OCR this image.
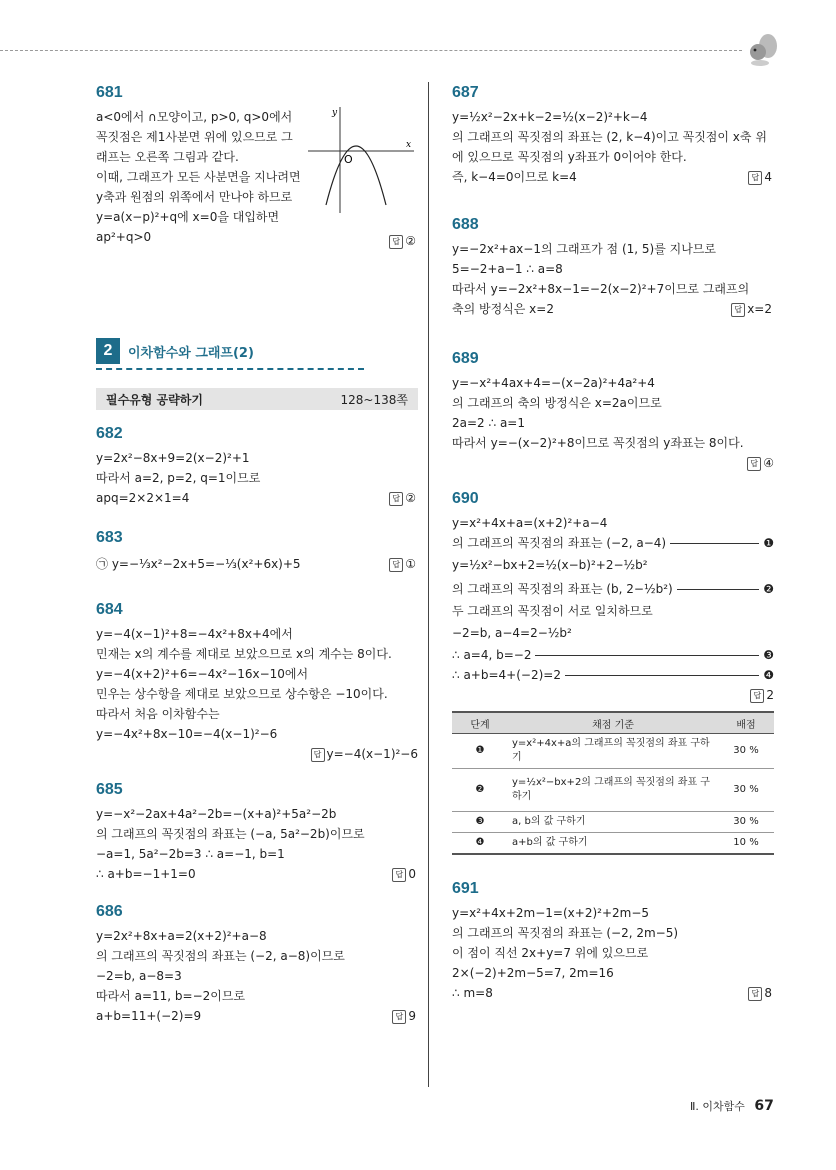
681
a<0에서 ∩모양이고, p>0, q>0에서
꼭짓점은 제1사분면 위에 있으므로 그
래프는 오른쪽 그림과 같다.
이때, 그래프가 모든 사분면을 지나려면
y축과 원점의 위쪽에서 만나야 하므로
y=a(x−p)²+q에 x=0을 대입하면
ap²+q>0
O
x
y
답 ②
2	이차함수와 그래프(2)
필수유형 공략하기	128~138쪽
682
y=2x²−8x+9=2(x−2)²+1
따라서 a=2, p=2, q=1이므로
apq=2×2×1=4	답 ②
683
㉠ y=−⅓x²−2x+5=−⅓(x²+6x)+5	답 ①
684
y=−4(x−1)²+8=−4x²+8x+4에서
민재는 x의 계수를 제대로 보았으므로 x의 계수는 8이다.
y=−4(x+2)²+6=−4x²−16x−10에서
민우는 상수항을 제대로 보았으므로 상수항은 −10이다.
따라서 처음 이차함수는
y=−4x²+8x−10=−4(x−1)²−6
답 y=−4(x−1)²−6
685
y=−x²−2ax+4a²−2b=−(x+a)²+5a²−2b
의 그래프의 꼭짓점의 좌표는 (−a, 5a²−2b)이므로
−a=1, 5a²−2b=3 ∴ a=−1, b=1
∴ a+b=−1+1=0	답 0
686
y=2x²+8x+a=2(x+2)²+a−8
의 그래프의 꼭짓점의 좌표는 (−2, a−8)이므로
−2=b, a−8=3
따라서 a=11, b=−2이므로
a+b=11+(−2)=9	답 9
687
y=½x²−2x+k−2=½(x−2)²+k−4
의 그래프의 꼭짓점의 좌표는 (2, k−4)이고 꼭짓점이 x축 위
에 있으므로 꼭짓점의 y좌표가 0이어야 한다.
즉, k−4=0이므로 k=4	답 4
688
y=−2x²+ax−1의 그래프가 점 (1, 5)를 지나므로
5=−2+a−1 ∴ a=8
따라서 y=−2x²+8x−1=−2(x−2)²+7이므로 그래프의
축의 방정식은 x=2	답 x=2
689
y=−x²+4ax+4=−(x−2a)²+4a²+4
의 그래프의 축의 방정식은 x=2a이므로
2a=2 ∴ a=1
따라서 y=−(x−2)²+8이므로 꼭짓점의 y좌표는 8이다.
답 ④
690
y=x²+4x+a=(x+2)²+a−4
의 그래프의 꼭짓점의 좌표는 (−2, a−4)	❶
y=½x²−bx+2=½(x−b)²+2−½b²
의 그래프의 꼭짓점의 좌표는 (b, 2−½b²)	❷
두 그래프의 꼭짓점이 서로 일치하므로
−2=b, a−4=2−½b²
∴ a=4, b=−2	❸
∴ a+b=4+(−2)=2	❹
답 2
단계	채점 기준	배점
❶	y=x²+4x+a의 그래프의 꼭짓점의 좌표 구하기	30 %
❷	y=½x²−bx+2의 그래프의 꼭짓점의 좌표 구하기	30 %
❸	a, b의 값 구하기	30 %
❹	a+b의 값 구하기	10 %
691
y=x²+4x+2m−1=(x+2)²+2m−5
의 그래프의 꼭짓점의 좌표는 (−2, 2m−5)
이 점이 직선 2x+y=7 위에 있으므로
2×(−2)+2m−5=7, 2m=16
∴ m=8	답 8
Ⅱ. 이차함수 67
